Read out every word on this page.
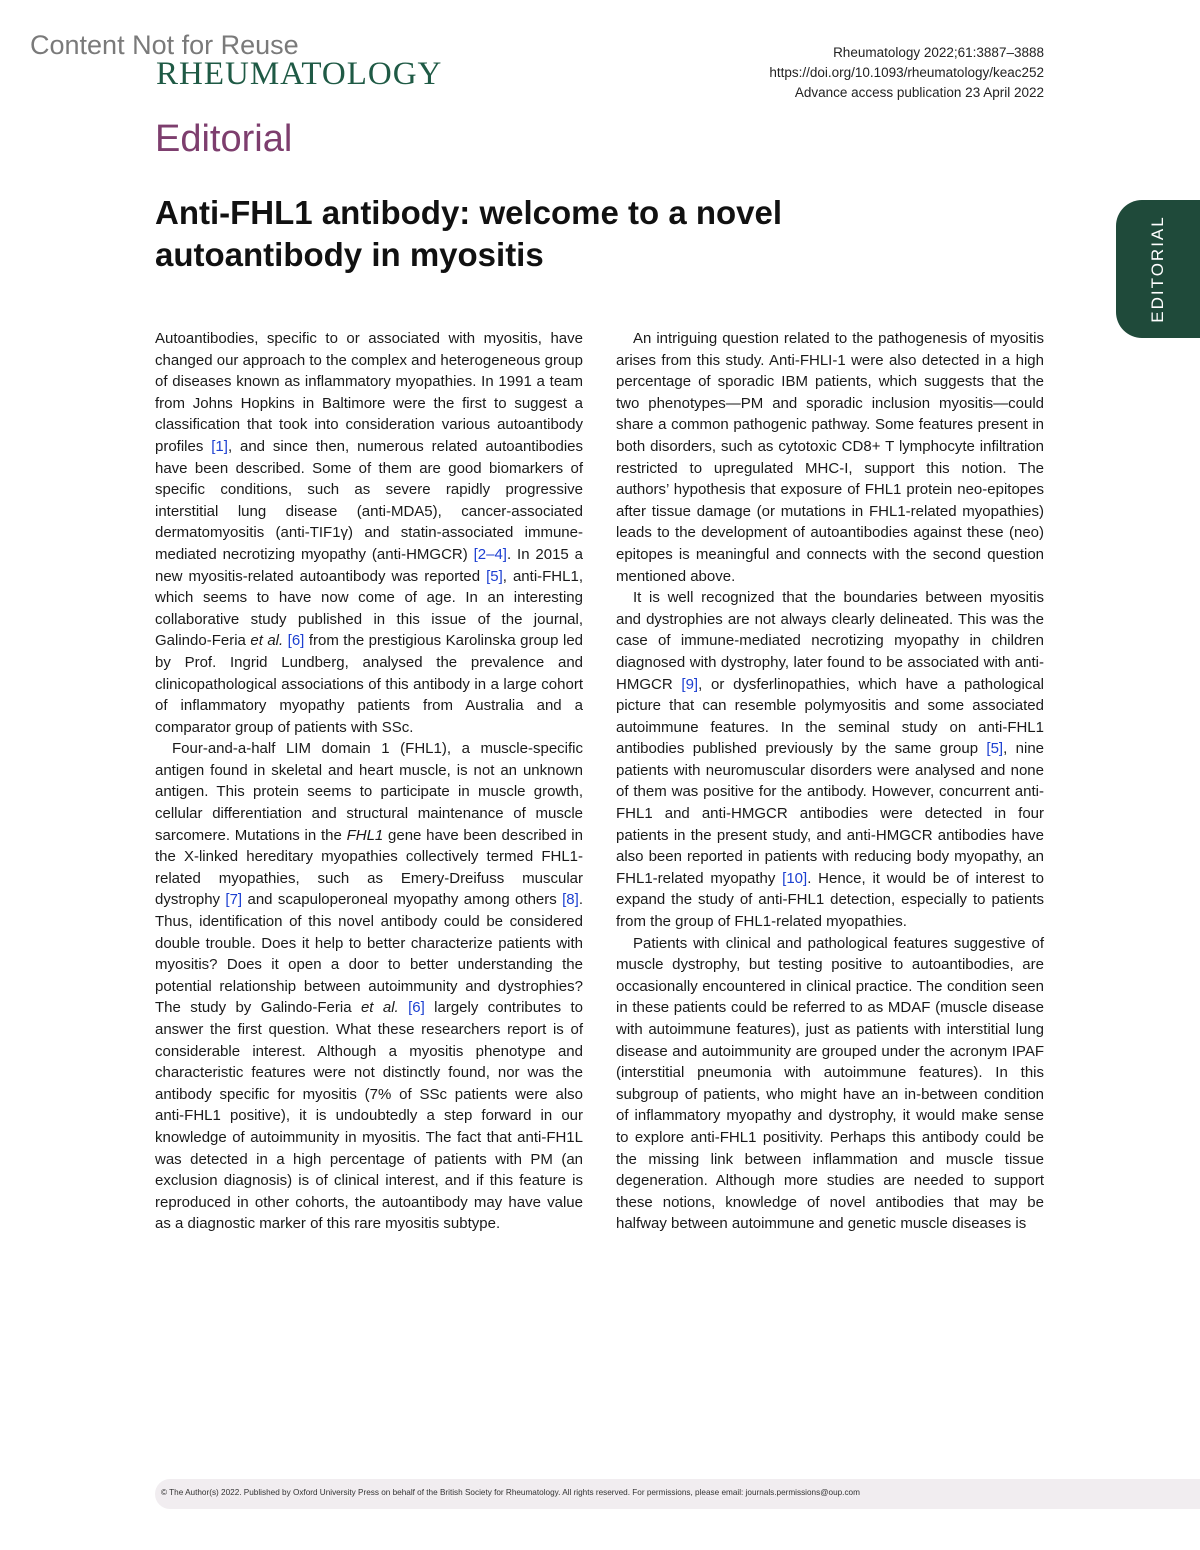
Content Not for Reuse
RHEUMATOLOGY
Rheumatology 2022;61:3887–3888
https://doi.org/10.1093/rheumatology/keac252
Advance access publication 23 April 2022
Editorial
Anti-FHL1 antibody: welcome to a novel autoantibody in myositis	EDITORIAL

Autoantibodies, specific to or associated with myositis, have changed our approach to the complex and heterogeneous group of diseases known as inflammatory myopathies. In 1991 a team from Johns Hopkins in Baltimore were the first to suggest a classification that took into consideration various autoantibody profiles [1], and since then, numerous related autoantibodies have been described. Some of them are good biomarkers of specific conditions, such as severe rapidly progressive interstitial lung disease (anti-MDA5), cancer-associated dermatomyositis (anti-TIF1γ) and statin-associated immune-mediated necrotizing myopathy (anti-HMGCR) [2–4]. In 2015 a new myositis-related autoantibody was reported [5], anti-FHL1, which seems to have now come of age. In an interesting collaborative study published in this issue of the journal, Galindo-Feria et al. [6] from the prestigious Karolinska group led by Prof. Ingrid Lundberg, analysed the prevalence and clinicopathological associations of this antibody in a large cohort of inflammatory myopathy patients from Australia and a comparator group of patients with SSc.

Four-and-a-half LIM domain 1 (FHL1), a muscle-specific antigen found in skeletal and heart muscle, is not an unknown antigen. This protein seems to participate in muscle growth, cellular differentiation and structural maintenance of muscle sarcomere. Mutations in the FHL1 gene have been described in the X-linked hereditary myopathies collectively termed FHL1-related myopathies, such as Emery-Dreifuss muscular dystrophy [7] and scapuloperoneal myopathy among others [8]. Thus, identification of this novel antibody could be considered double trouble. Does it help to better characterize patients with myositis? Does it open a door to better understanding the potential relationship between autoimmunity and dystrophies? The study by Galindo-Feria et al. [6] largely contributes to answer the first question. What these researchers report is of considerable interest. Although a myositis phenotype and characteristic features were not distinctly found, nor was the antibody specific for myositis (7% of SSc patients were also anti-FHL1 positive), it is undoubtedly a step forward in our knowledge of autoimmunity in myositis. The fact that anti-FH1L was detected in a high percentage of patients with PM (an exclusion diagnosis) is of clinical interest, and if this feature is reproduced in other cohorts, the autoantibody may have value as a diagnostic marker of this rare myositis subtype.

An intriguing question related to the pathogenesis of myositis arises from this study. Anti-FHLI-1 were also detected in a high percentage of sporadic IBM patients, which suggests that the two phenotypes—PM and sporadic inclusion myositis—could share a common pathogenic pathway. Some features present in both disorders, such as cytotoxic CD8+ T lymphocyte infiltration restricted to upregulated MHC-I, support this notion. The authors’ hypothesis that exposure of FHL1 protein neo-epitopes after tissue damage (or mutations in FHL1-related myopathies) leads to the development of autoantibodies against these (neo) epitopes is meaningful and connects with the second question mentioned above.

It is well recognized that the boundaries between myositis and dystrophies are not always clearly delineated. This was the case of immune-mediated necrotizing myopathy in children diagnosed with dystrophy, later found to be associated with anti-HMGCR [9], or dysferlinopathies, which have a pathological picture that can resemble polymyositis and some associated autoimmune features. In the seminal study on anti-FHL1 antibodies published previously by the same group [5], nine patients with neuromuscular disorders were analysed and none of them was positive for the antibody. However, concurrent anti-FHL1 and anti-HMGCR antibodies were detected in four patients in the present study, and anti-HMGCR antibodies have also been reported in patients with reducing body myopathy, an FHL1-related myopathy [10]. Hence, it would be of interest to expand the study of anti-FHL1 detection, especially to patients from the group of FHL1-related myopathies.

Patients with clinical and pathological features suggestive of muscle dystrophy, but testing positive to autoantibodies, are occasionally encountered in clinical practice. The condition seen in these patients could be referred to as MDAF (muscle disease with autoimmune features), just as patients with interstitial lung disease and autoimmunity are grouped under the acronym IPAF (interstitial pneumonia with autoimmune features). In this subgroup of patients, who might have an in-between condition of inflammatory myopathy and dystrophy, it would make sense to explore anti-FHL1 positivity. Perhaps this antibody could be the missing link between inflammation and muscle tissue degeneration. Although more studies are needed to support these notions, knowledge of novel antibodies that may be halfway between autoimmune and genetic muscle diseases is

© The Author(s) 2022. Published by Oxford University Press on behalf of the British Society for Rheumatology. All rights reserved. For permissions, please email: journals.permissions@oup.com
